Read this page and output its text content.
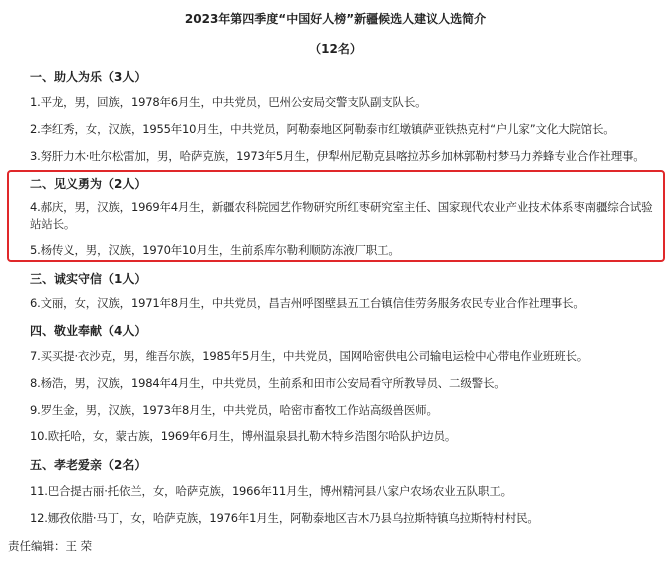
2023年第四季度“中国好人榜”新疆候选人建议人选简介
（12名）
一、助人为乐（3人）
1.平龙，男，回族，1978年6月生，中共党员，巴州公安局交警支队副支队长。
2.李红秀，女，汉族，1955年10月生，中共党员，阿勒泰地区阿勒泰市红墩镇萨亚铁热克村“户儿家”文化大院馆长。
3.努肝力木·吐尔松雷加，男，哈萨克族，1973年5月生，伊犁州尼勒克县喀拉苏乡加林郭勒村梦马力养蜂专业合作社理事。
二、见义勇为（2人）
4.郝庆，男，汉族，1969年4月生，新疆农科院园艺作物研究所红枣研究室主任、国家现代农业产业技术体系枣南疆综合试验站站长。
5.杨传义，男，汉族，1970年10月生，生前系库尔勒利顺防冻液厂职工。
三、诚实守信（1人）
6.文丽，女，汉族，1971年8月生，中共党员，昌吉州呼图壁县五工台镇信佳劳务服务农民专业合作社理事长。
四、敬业奉献（4人）
7.买买提·衣沙克，男，维吾尔族，1985年5月生，中共党员，国网哈密供电公司输电运检中心带电作业班班长。
8.杨浩，男，汉族，1984年4月生，中共党员，生前系和田市公安局看守所教导员、二级警长。
9.罗生金，男，汉族，1973年8月生，中共党员，哈密市畜牧工作站高级兽医师。
10.欧托哈，女，蒙古族，1969年6月生，博州温泉县扎勒木特乡浩图尔哈队护边员。
五、孝老爱亲（2名）
11.巴合提古丽·托依兰，女，哈萨克族，1966年11月生，博州精河县八家户农场农业五队职工。
12.娜孜依腊·马丁，女，哈萨克族，1976年1月生，阿勒泰地区吉木乃县乌拉斯特镇乌拉斯特村村民。
责任编辑：王 荣
